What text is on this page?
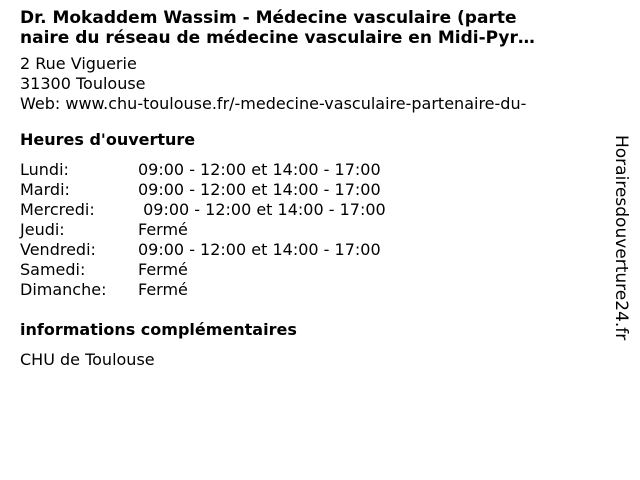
Dr. Mokaddem Wassim - Médecine vasculaire (parte
naire du réseau de médecine vasculaire en Midi-Pyr…
2 Rue Viguerie
31300 Toulouse
Web: www.chu-toulouse.fr/-medecine-vasculaire-partenaire-du-
Heures d'ouverture
Lundi:	09:00 - 12:00 et 14:00 - 17:00
Mardi:	09:00 - 12:00 et 14:00 - 17:00
Mercredi:	09:00 - 12:00 et 14:00 - 17:00
Jeudi:	Fermé
Vendredi:	09:00 - 12:00 et 14:00 - 17:00
Samedi:	Fermé
Dimanche:	Fermé
informations complémentaires
CHU de Toulouse
Horairesdouverture24.fr
